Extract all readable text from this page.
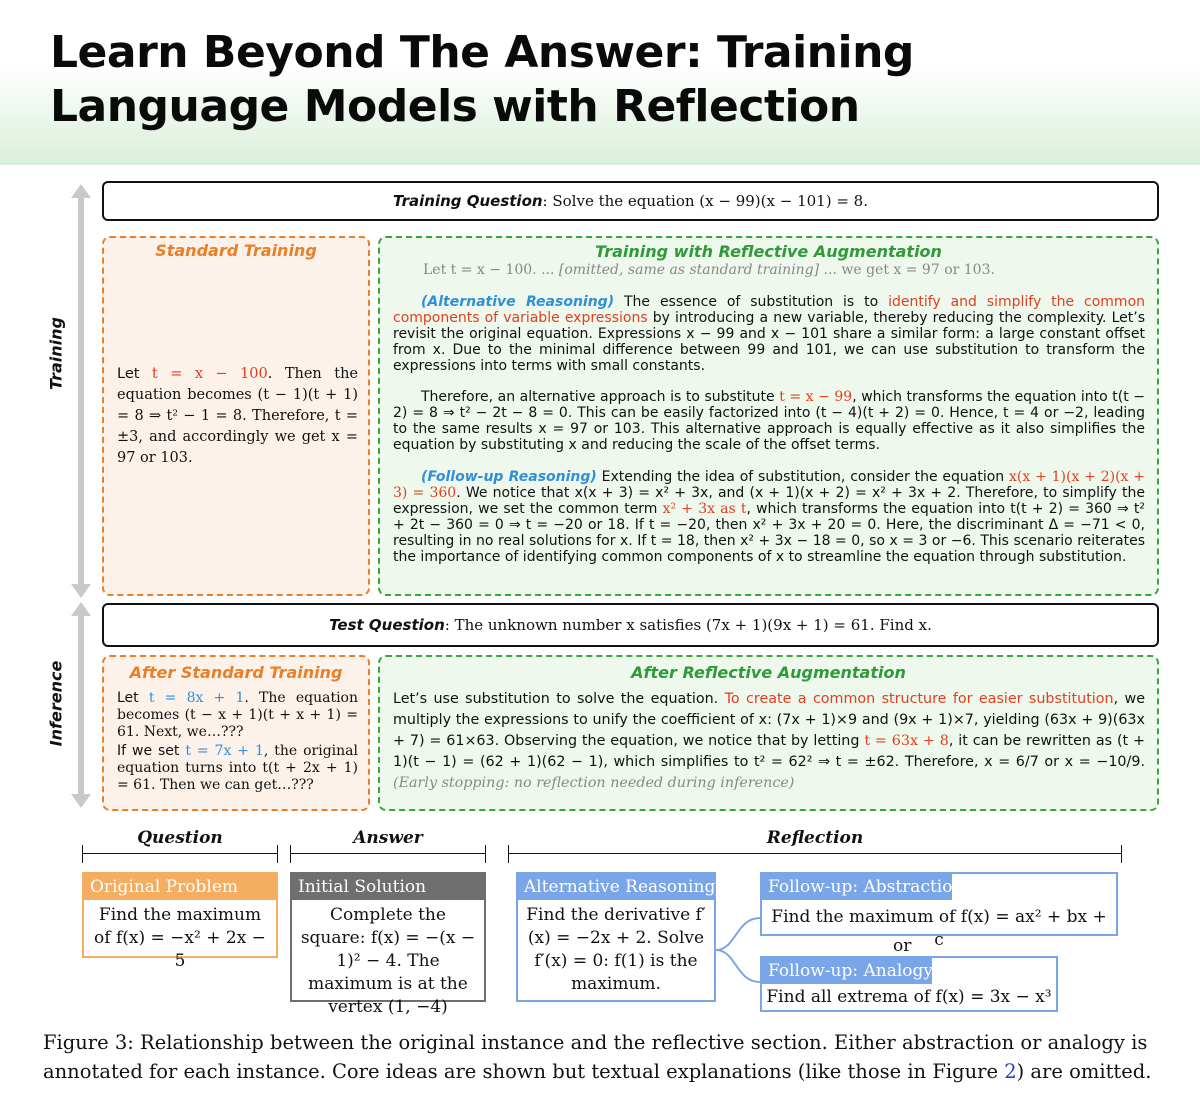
Learn Beyond The Answer: Training Language Models with Reflection
Training
Inference
Training Question: Solve the equation (x − 99)(x − 101) = 8.
Standard Training
Let t = x − 100. Then the equation becomes (t − 1)(t + 1) = 8 ⇒ t² − 1 = 8. Therefore, t = ±3, and accordingly we get x = 97 or 103.
Training with Reflective Augmentation
Let t = x − 100. ... [omitted, same as standard training] ... we get x = 97 or 103.
(Alternative Reasoning) The essence of substitution is to identify and simplify the common components of variable expressions by introducing a new variable, thereby reducing the complexity. Let’s revisit the original equation. Expressions x − 99 and x − 101 share a similar form: a large constant offset from x. Due to the minimal difference between 99 and 101, we can use substitution to transform the expressions into terms with small constants.
Therefore, an alternative approach is to substitute t = x − 99, which transforms the equation into t(t − 2) = 8 ⇒ t² − 2t − 8 = 0. This can be easily factorized into (t − 4)(t + 2) = 0. Hence, t = 4 or −2, leading to the same results x = 97 or 103. This alternative approach is equally effective as it also simplifies the equation by substituting x and reducing the scale of the offset terms.
(Follow-up Reasoning) Extending the idea of substitution, consider the equation x(x + 1)(x + 2)(x + 3) = 360. We notice that x(x + 3) = x² + 3x, and (x + 1)(x + 2) = x² + 3x + 2. Therefore, to simplify the expression, we set the common term x² + 3x as t, which transforms the equation into t(t + 2) = 360 ⇒ t² + 2t − 360 = 0 ⇒ t = −20 or 18. If t = −20, then x² + 3x + 20 = 0. Here, the discriminant Δ = −71 < 0, resulting in no real solutions for x. If t = 18, then x² + 3x − 18 = 0, so x = 3 or −6. This scenario reiterates the importance of identifying common components of x to streamline the equation through substitution.
Test Question: The unknown number x satisfies (7x + 1)(9x + 1) = 61. Find x.
After Standard Training
Let t = 8x + 1. The equation becomes (t − x + 1)(t + x + 1) = 61. Next, we…???
If we set t = 7x + 1, the original equation turns into t(t + 2x + 1) = 61. Then we can get…???
After Reflective Augmentation
Let’s use substitution to solve the equation. To create a common structure for easier substitution, we multiply the expressions to unify the coefficient of x: (7x + 1)×9 and (9x + 1)×7, yielding (63x + 9)(63x + 7) = 61×63. Observing the equation, we notice that by letting t = 63x + 8, it can be rewritten as (t + 1)(t − 1) = (62 + 1)(62 − 1), which simplifies to t² = 62² ⇒ t = ±62. Therefore, x = 6/7 or x = −10/9. (Early stopping: no reflection needed during inference)
Question	Answer	Reflection
Original Problem
Find the maximum of f(x) = −x² + 2x − 5
Initial Solution
Complete the square: f(x) = −(x − 1)² − 4. The maximum is at the vertex (1, −4)
Alternative Reasoning
Find the derivative f′(x) = −2x + 2. Solve f′(x) = 0: f(1) is the maximum.
Follow-up: Abstraction
Find the maximum of f(x) = ax² + bx + c
or
Follow-up: Analogy
Find all extrema of f(x) = 3x − x³
Figure 3: Relationship between the original instance and the reflective section. Either abstraction or analogy is annotated for each instance. Core ideas are shown but textual explanations (like those in Figure 2) are omitted.
